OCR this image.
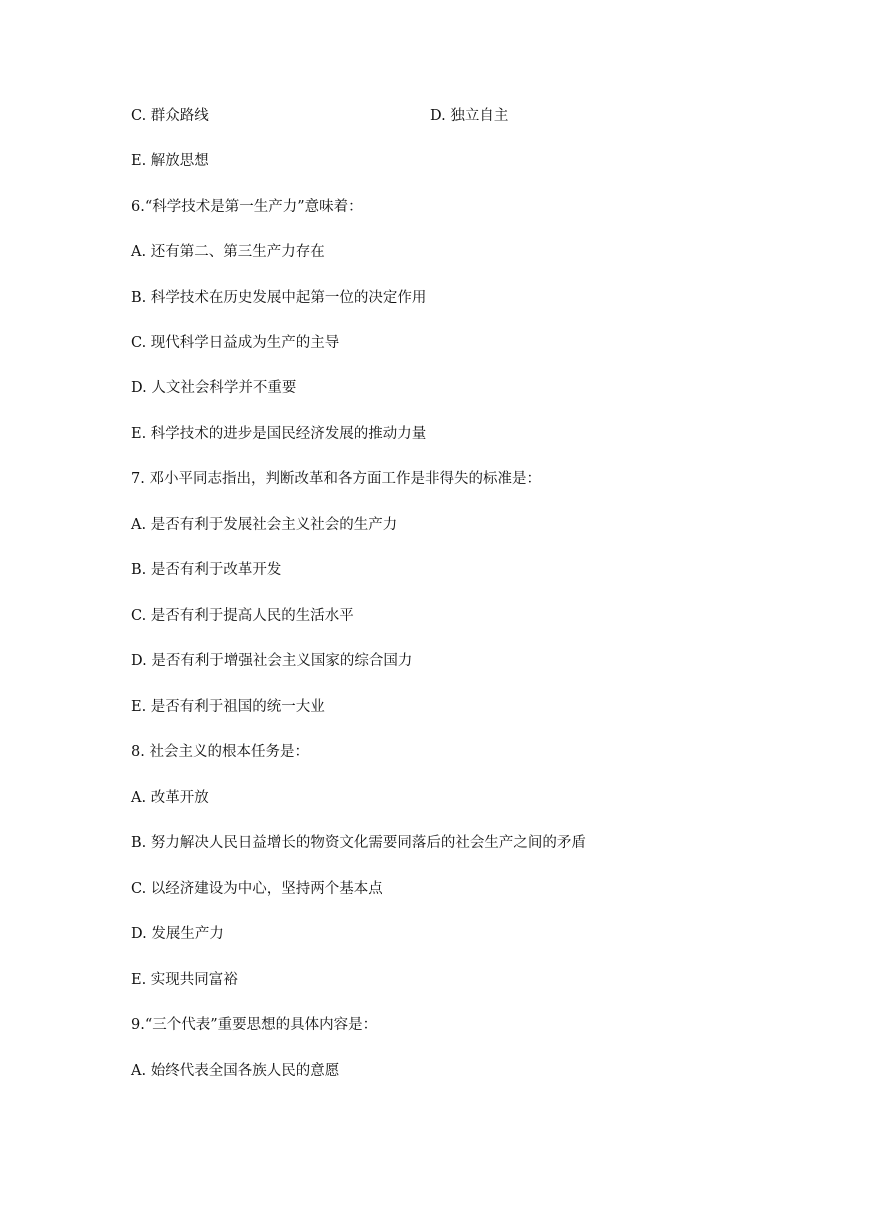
C. 群众路线	D. 独立自主
E. 解放思想
6.“科学技术是第一生产力”意味着：
A. 还有第二、第三生产力存在
B. 科学技术在历史发展中起第一位的决定作用
C. 现代科学日益成为生产的主导
D. 人文社会科学并不重要
E. 科学技术的进步是国民经济发展的推动力量
7. 邓小平同志指出，判断改革和各方面工作是非得失的标准是：
A. 是否有利于发展社会主义社会的生产力
B. 是否有利于改革开发
C. 是否有利于提高人民的生活水平
D. 是否有利于增强社会主义国家的综合国力
E. 是否有利于祖国的统一大业
8. 社会主义的根本任务是：
A. 改革开放
B. 努力解决人民日益增长的物资文化需要同落后的社会生产之间的矛盾
C. 以经济建设为中心，坚持两个基本点
D. 发展生产力
E. 实现共同富裕
9.“三个代表”重要思想的具体内容是：
A. 始终代表全国各族人民的意愿
